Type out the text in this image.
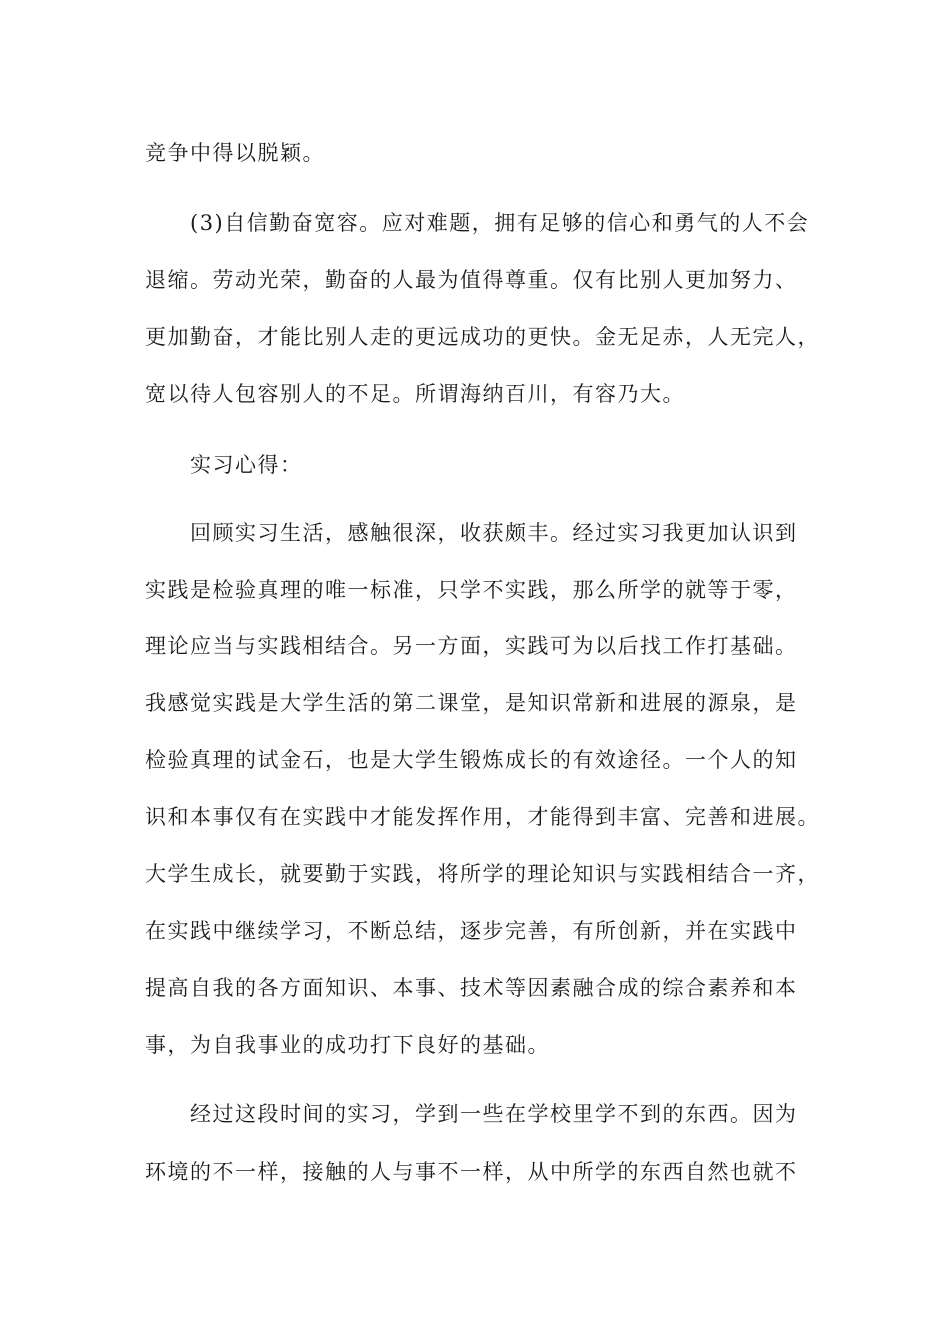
竞争中得以脱颖。
(3)自信勤奋宽容。应对难题，拥有足够的信心和勇气的人不会
退缩。劳动光荣，勤奋的人最为值得尊重。仅有比别人更加努力、
更加勤奋，才能比别人走的更远成功的更快。金无足赤，人无完人，
宽以待人包容别人的不足。所谓海纳百川，有容乃大。
实习心得：
回顾实习生活，感触很深，收获颇丰。经过实习我更加认识到
实践是检验真理的唯一标准，只学不实践，那么所学的就等于零，
理论应当与实践相结合。另一方面，实践可为以后找工作打基础。
我感觉实践是大学生活的第二课堂，是知识常新和进展的源泉，是
检验真理的试金石，也是大学生锻炼成长的有效途径。一个人的知
识和本事仅有在实践中才能发挥作用，才能得到丰富、完善和进展。
大学生成长，就要勤于实践，将所学的理论知识与实践相结合一齐，
在实践中继续学习，不断总结，逐步完善，有所创新，并在实践中
提高自我的各方面知识、本事、技术等因素融合成的综合素养和本
事，为自我事业的成功打下良好的基础。
经过这段时间的实习，学到一些在学校里学不到的东西。因为
环境的不一样，接触的人与事不一样，从中所学的东西自然也就不
